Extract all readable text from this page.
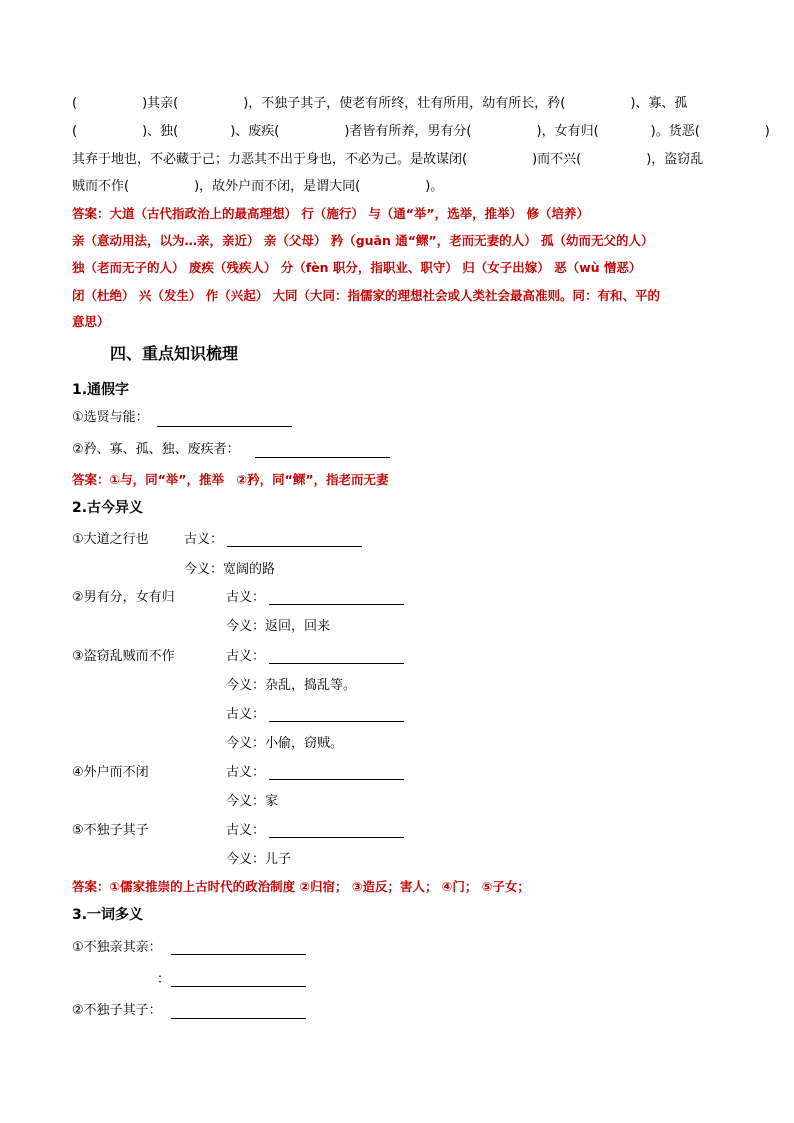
(　　　　　)其亲(　　　　　)，不独子其子，使老有所终，壮有所用，幼有所长，矜(　　　　　)、寡、孤
(　　　　　)、独(　　　　)、废疾(　　　　　)者皆有所养，男有分(　　　　　)，女有归(　　　　)。货恶(　　　　　)
其弃于地也，不必藏于己；力恶其不出于身也，不必为己。是故谋闭(　　　　　)而不兴(　　　　　)，盗窃乱
贼而不作(　　　　　)，故外户而不闭，是谓大同(　　　　　)。
答案：大道（古代指政治上的最高理想） 行（施行） 与（通“举”，选举，推举） 修（培养）
亲（意动用法，以为…亲，亲近） 亲（父母） 矜（guān 通“鳏”，老而无妻的人） 孤（幼而无父的人）
独（老而无子的人） 废疾（残疾人） 分（fèn 职分，指职业、职守） 归（女子出嫁） 恶（wù 憎恶）
闭（杜绝） 兴（发生） 作（兴起） 大同（大同：指儒家的理想社会或人类社会最高准则。同：有和、平的
意思）
四、重点知识梳理
1.通假字
①选贤与能：
②矜、寡、孤、独、废疾者：
答案：①与，同“举”，推举　②矜，同“鳏”，指老而无妻
2.古今异义
①大道之行也	古义：
今义：宽阔的路
②男有分，女有归	古义：
今义：返回，回来
③盗窃乱贼而不作	古义：
今义：杂乱，捣乱等。
古义：
今义：小偷，窃贼。
④外户而不闭	古义：
今义：家
⑤不独子其子	古义：
今义：儿子
答案：①儒家推崇的上古时代的政治制度 ②归宿； ③造反；害人； ④门； ⑤子女；
3.一词多义
①不独亲其亲：
：
②不独子其子：
